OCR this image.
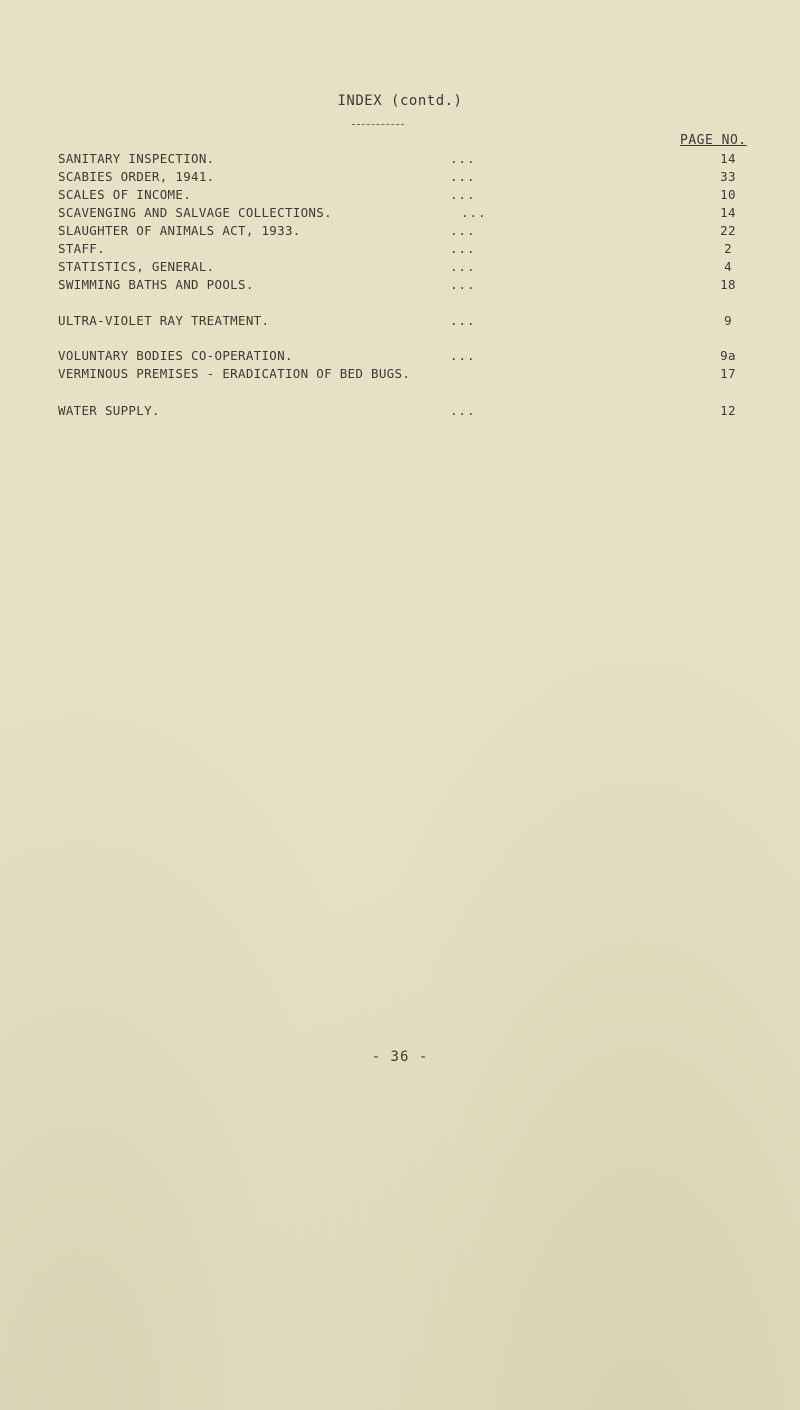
INDEX (contd.)
PAGE NO.
SANITARY INSPECTION.	...	14
SCABIES ORDER, 1941.	...	33
SCALES OF INCOME.	...	10
SCAVENGING AND SALVAGE COLLECTIONS.	...	14
SLAUGHTER OF ANIMALS ACT, 1933.	...	22
STAFF.	...	2
STATISTICS, GENERAL.	...	4
SWIMMING BATHS AND POOLS.	...	18
ULTRA-VIOLET RAY TREATMENT.	...	9
VOLUNTARY BODIES CO-OPERATION.	...	9a
VERMINOUS PREMISES - ERADICATION OF BED BUGS.	17
WATER SUPPLY.	...	12
- 36 -
